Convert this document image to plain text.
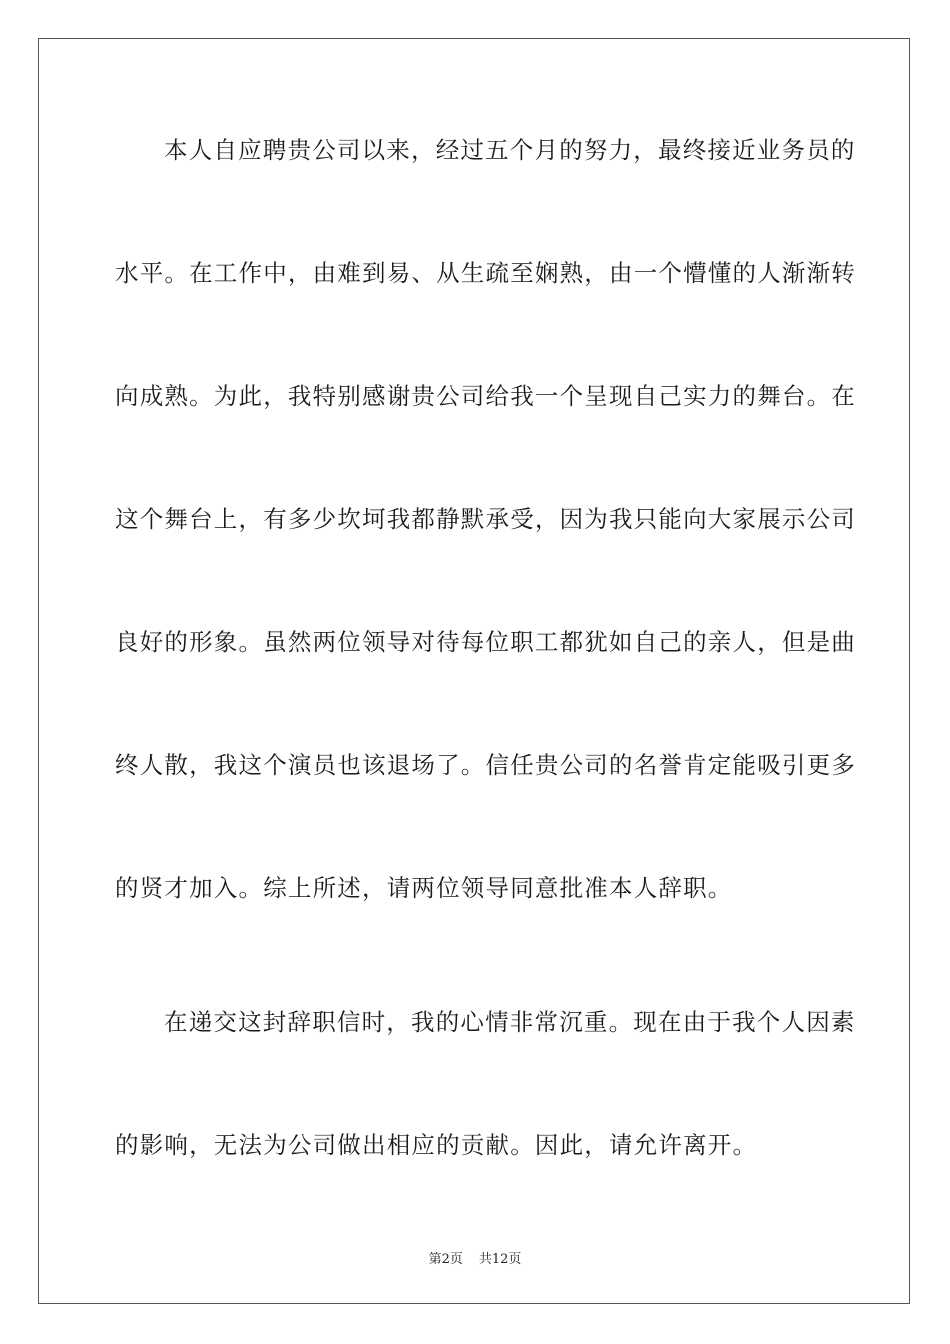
本人自应聘贵公司以来，经过五个月的努力，最终接近业务员的
水平。在工作中，由难到易、从生疏至娴熟，由一个懵懂的人渐渐转
向成熟。为此，我特别感谢贵公司给我一个呈现自己实力的舞台。在
这个舞台上，有多少坎坷我都静默承受，因为我只能向大家展示公司
良好的形象。虽然两位领导对待每位职工都犹如自己的亲人，但是曲
终人散，我这个演员也该退场了。信任贵公司的名誉肯定能吸引更多
的贤才加入。综上所述，请两位领导同意批准本人辞职。
在递交这封辞职信时，我的心情非常沉重。现在由于我个人因素
的影响，无法为公司做出相应的贡献。因此，请允许离开。
第2页 共12页
